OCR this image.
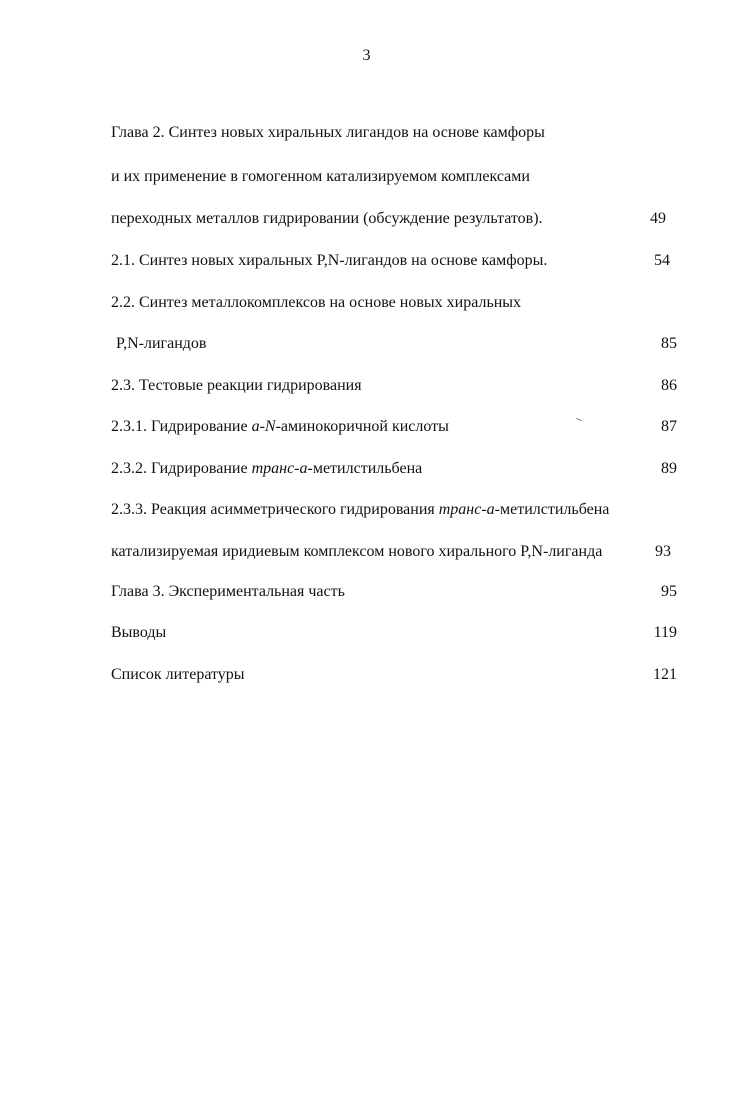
3
Глава 2. Синтез новых хиральных лигандов на основе камфоры
и их применение в гомогенном катализируемом комплексами
переходных металлов гидрировании (обсуждение результатов).	49
2.1. Синтез новых хиральных P,N-лигандов на основе камфоры.	54
2.2. Синтез металлокомплексов на основе новых хиральных
P,N-лигандов	85
2.3. Тестовые реакции гидрирования	86
2.3.1. Гидрирование а-N-аминокоричной кислоты	87
2.3.2. Гидрирование транс-а-метилстильбена	89
2.3.3. Реакция асимметрического гидрирования транс-а-метилстильбена
катализируемая иридиевым комплексом нового хирального P,N-лиганда	93
Глава 3. Экспериментальная часть	95
Выводы	119
Список литературы	121
